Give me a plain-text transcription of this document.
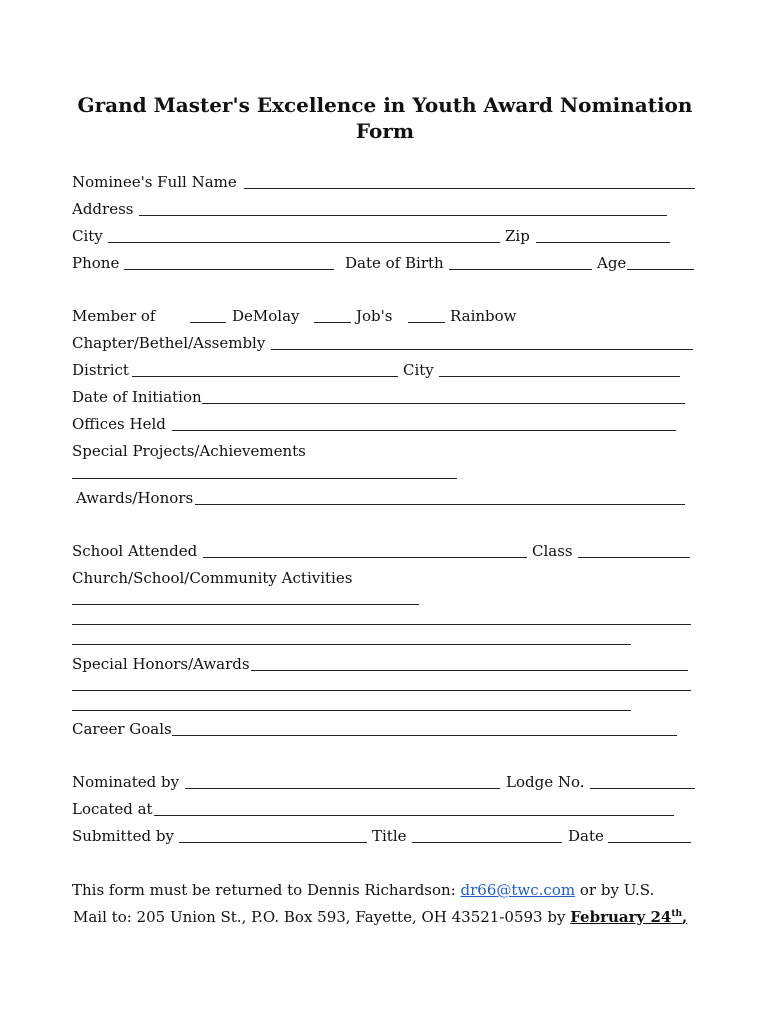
Grand Master's Excellence in Youth Award Nomination Form
Nominee's Full Name
Address
City	Zip
Phone	Date of Birth	Age
Member of	DeMolay	Job's	Rainbow
Chapter/Bethel/Assembly
District	City
Date of Initiation
Offices Held
Special Projects/Achievements
Awards/Honors
School Attended	Class
Church/School/Community Activities
Special Honors/Awards
Career Goals
Nominated by	Lodge No.
Located at
Submitted by	Title	Date
This form must be returned to Dennis Richardson: dr66@twc.com or by U.S.
Mail to: 205 Union St., P.O. Box 593, Fayette, OH 43521-0593 by February 24th,
